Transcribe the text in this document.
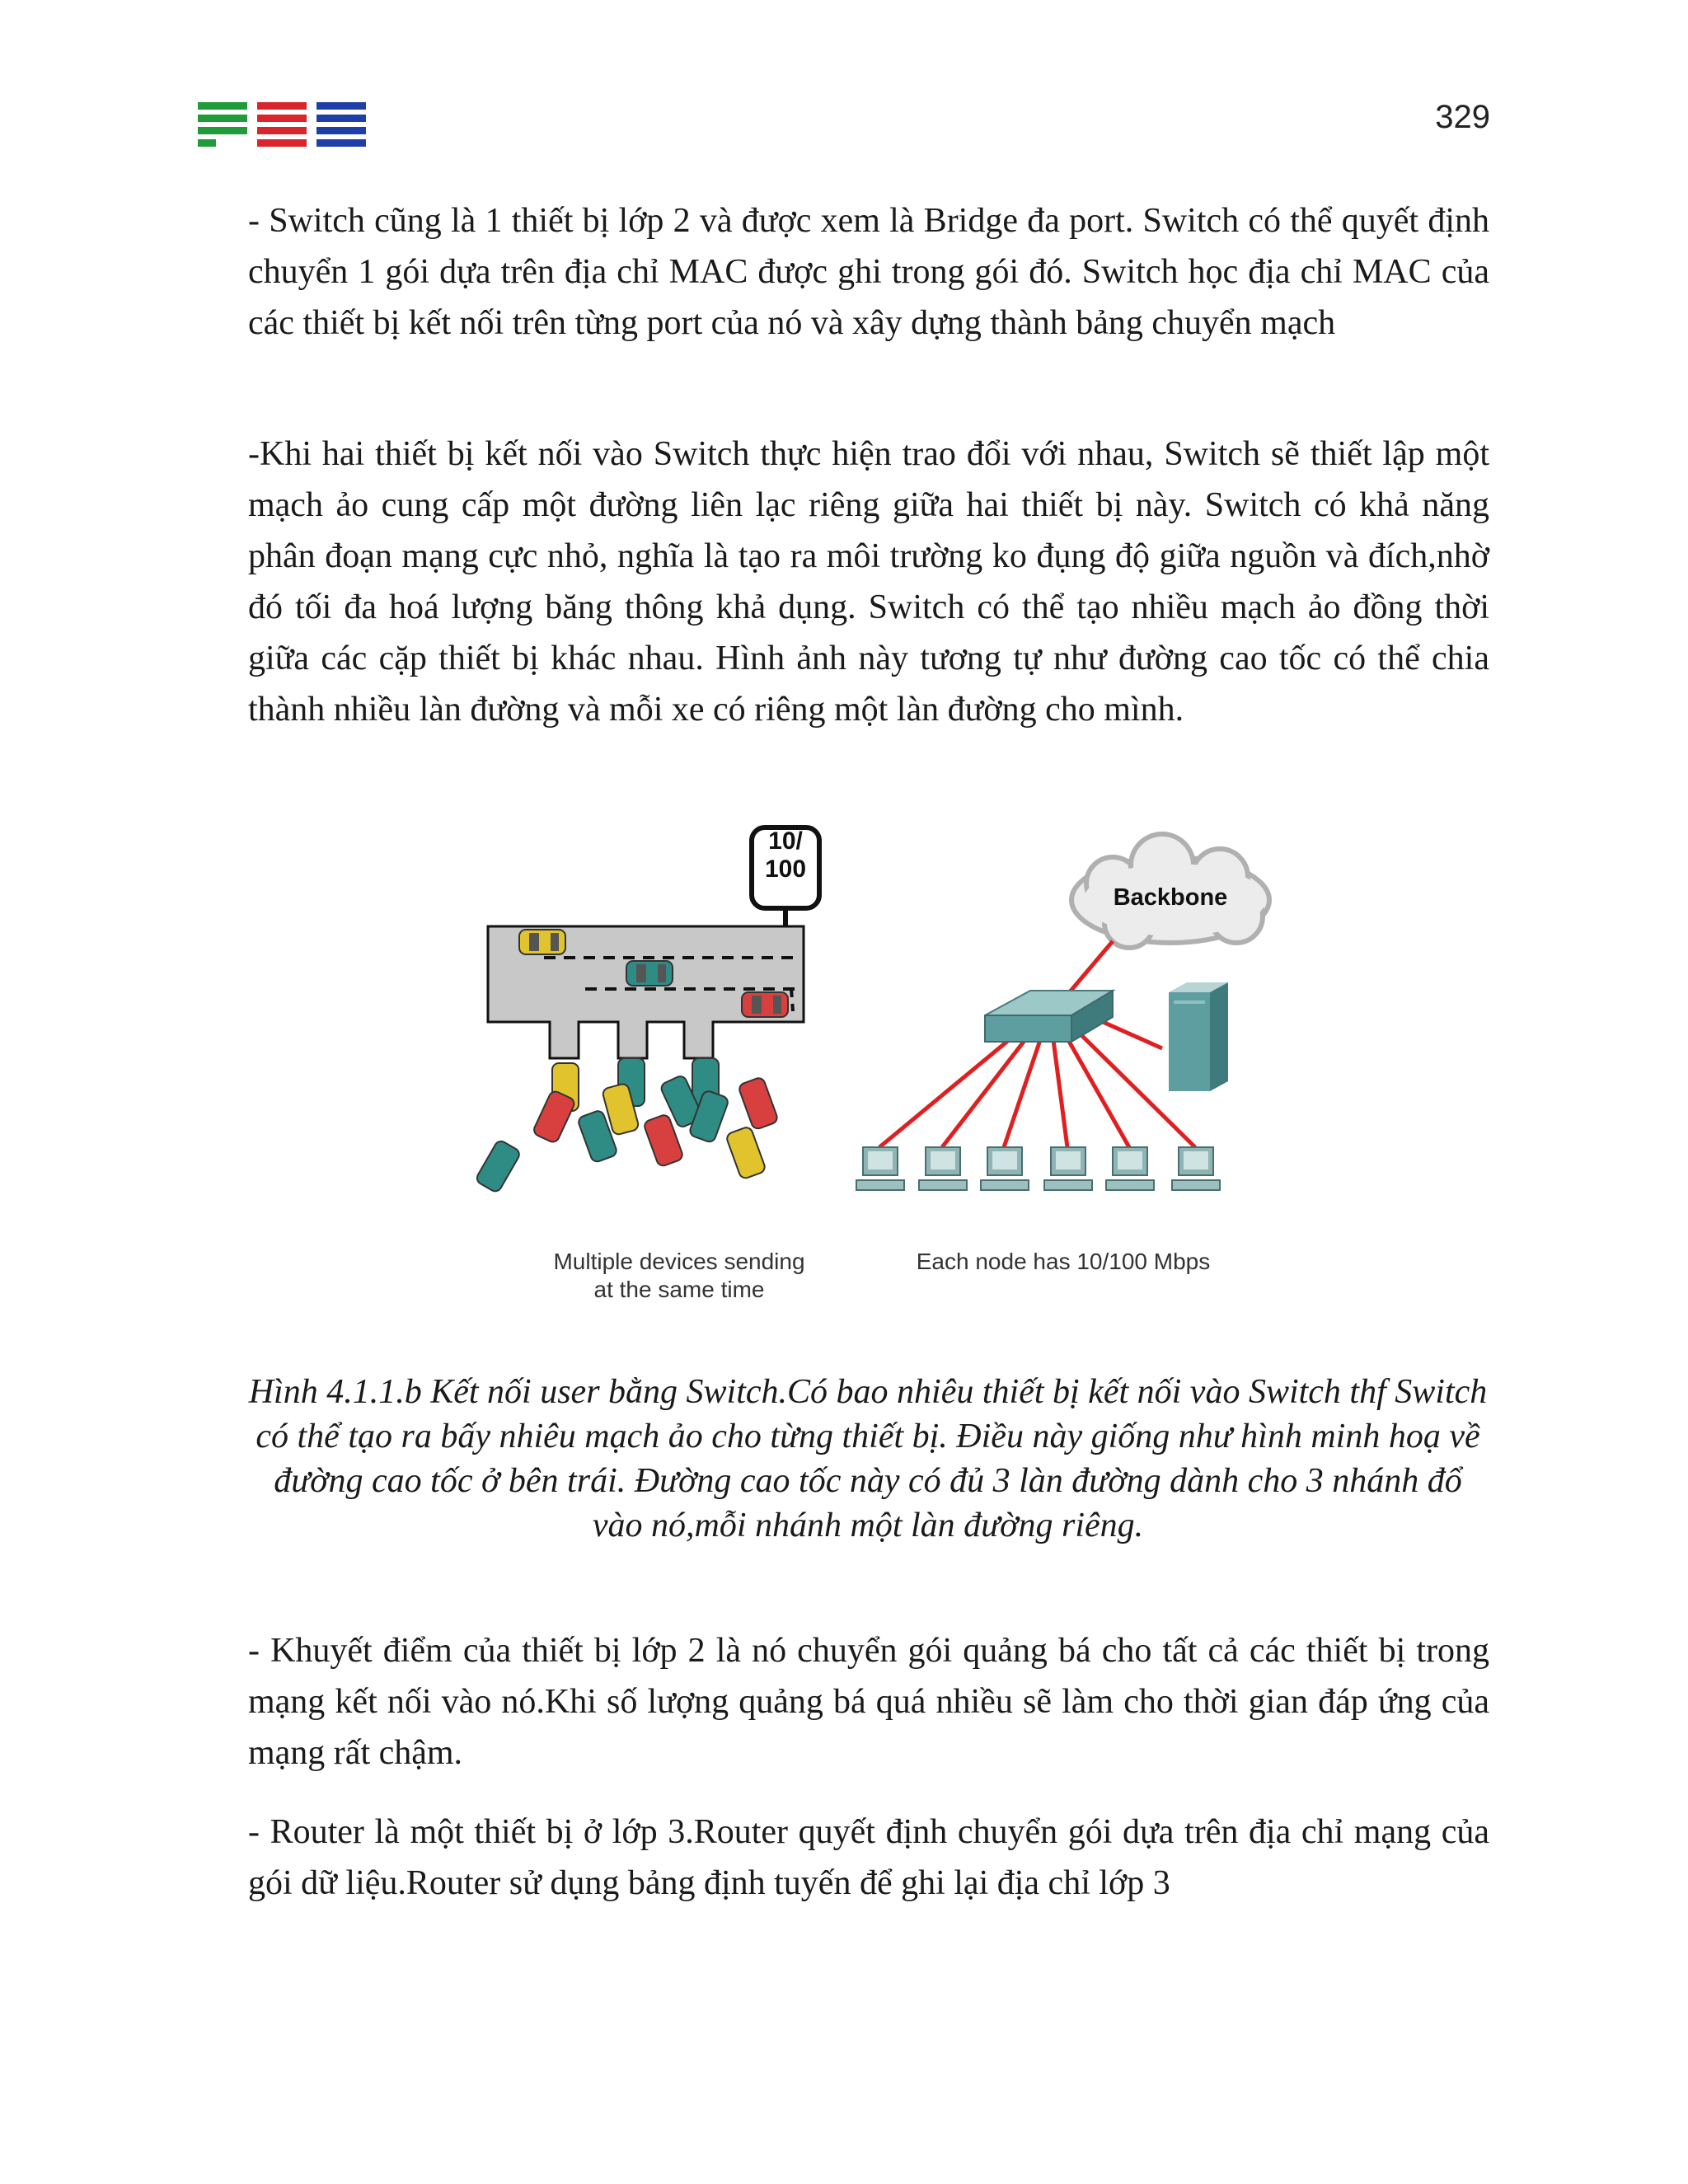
329

- Switch cũng là 1 thiết bị lớp 2 và được xem là Bridge đa port. Switch có thể quyết định chuyển 1 gói dựa trên địa chỉ MAC được ghi trong gói đó. Switch học địa chỉ MAC của các thiết bị kết nối trên từng port của nó và xây dựng thành bảng chuyển mạch

-Khi hai thiết bị kết nối vào Switch thực hiện trao đổi với nhau, Switch sẽ thiết lập một mạch ảo cung cấp một đường liên lạc riêng giữa hai thiết bị này. Switch có khả năng phân đoạn mạng cực nhỏ, nghĩa là tạo ra môi trường ko đụng độ giữa nguồn và đích,nhờ đó tối đa hoá lượng băng thông khả dụng. Switch có thể tạo nhiều mạch ảo đồng thời giữa các cặp thiết bị khác nhau. Hình ảnh này tương tự như đường cao tốc có thể chia thành nhiều làn đường và mỗi xe có riêng một làn đường cho mình.

10/
100

Backbone

Multiple devices sending
at the same time

Each node has 10/100 Mbps

Hình 4.1.1.b Kết nối user bằng Switch.Có bao nhiêu thiết bị kết nối vào Switch thf Switch có thể tạo ra bấy nhiêu mạch ảo cho từng thiết bị. Điều này giống như hình minh hoạ về đường cao tốc ở bên trái. Đường cao tốc này có đủ 3 làn đường dành cho 3 nhánh đổ vào nó,mỗi nhánh một làn đường riêng.

- Khuyết điểm của thiết bị lớp 2 là nó chuyển gói quảng bá cho tất cả các thiết bị trong mạng kết nối vào nó.Khi số lượng quảng bá quá nhiều sẽ làm cho thời gian đáp ứng của mạng rất chậm.

- Router là một thiết bị ở lớp 3.Router quyết định chuyển gói dựa trên địa chỉ mạng của gói dữ liệu.Router sử dụng bảng định tuyến để ghi lại địa chỉ lớp 3
